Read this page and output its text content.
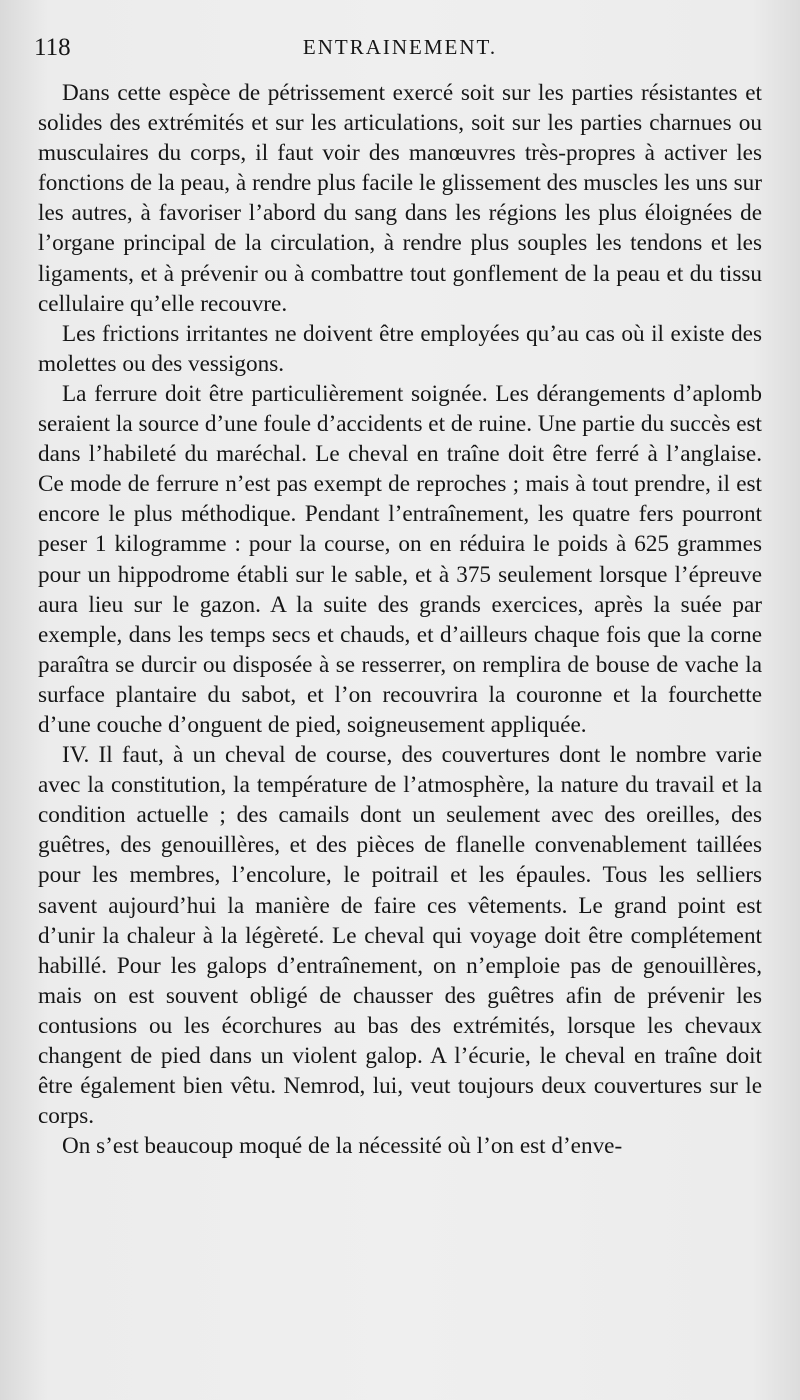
118	ENTRAINEMENT.

Dans cette espèce de pétrissement exercé soit sur les parties résistantes et solides des extrémités et sur les articulations, soit sur les parties charnues ou musculaires du corps, il faut voir des manœuvres très-propres à activer les fonctions de la peau, à rendre plus facile le glissement des muscles les uns sur les autres, à favoriser l’abord du sang dans les régions les plus éloignées de l’organe principal de la circulation, à rendre plus souples les tendons et les ligaments, et à prévenir ou à combattre tout gonflement de la peau et du tissu cellulaire qu’elle recouvre.

Les frictions irritantes ne doivent être employées qu’au cas où il existe des molettes ou des vessigons.

La ferrure doit être particulièrement soignée. Les dérangements d’aplomb seraient la source d’une foule d’accidents et de ruine. Une partie du succès est dans l’habileté du maréchal. Le cheval en traîne doit être ferré à l’anglaise. Ce mode de ferrure n’est pas exempt de reproches ; mais à tout prendre, il est encore le plus méthodique. Pendant l’entraînement, les quatre fers pourront peser 1 kilogramme : pour la course, on en réduira le poids à 625 grammes pour un hippodrome établi sur le sable, et à 375 seulement lorsque l’épreuve aura lieu sur le gazon. A la suite des grands exercices, après la suée par exemple, dans les temps secs et chauds, et d’ailleurs chaque fois que la corne paraîtra se durcir ou disposée à se resserrer, on remplira de bouse de vache la surface plantaire du sabot, et l’on recouvrira la couronne et la fourchette d’une couche d’onguent de pied, soigneusement appliquée.

IV. Il faut, à un cheval de course, des couvertures dont le nombre varie avec la constitution, la température de l’atmosphère, la nature du travail et la condition actuelle ; des camails dont un seulement avec des oreilles, des guêtres, des genouillères, et des pièces de flanelle convenablement taillées pour les membres, l’encolure, le poitrail et les épaules. Tous les selliers savent aujourd’hui la manière de faire ces vêtements. Le grand point est d’unir la chaleur à la légèreté. Le cheval qui voyage doit être complétement habillé. Pour les galops d’entraînement, on n’emploie pas de genouillères, mais on est souvent obligé de chausser des guêtres afin de prévenir les contusions ou les écorchures au bas des extrémités, lorsque les chevaux changent de pied dans un violent galop. A l’écurie, le cheval en traîne doit être également bien vêtu. Nemrod, lui, veut toujours deux couvertures sur le corps.

On s’est beaucoup moqué de la nécessité où l’on est d’enve-
